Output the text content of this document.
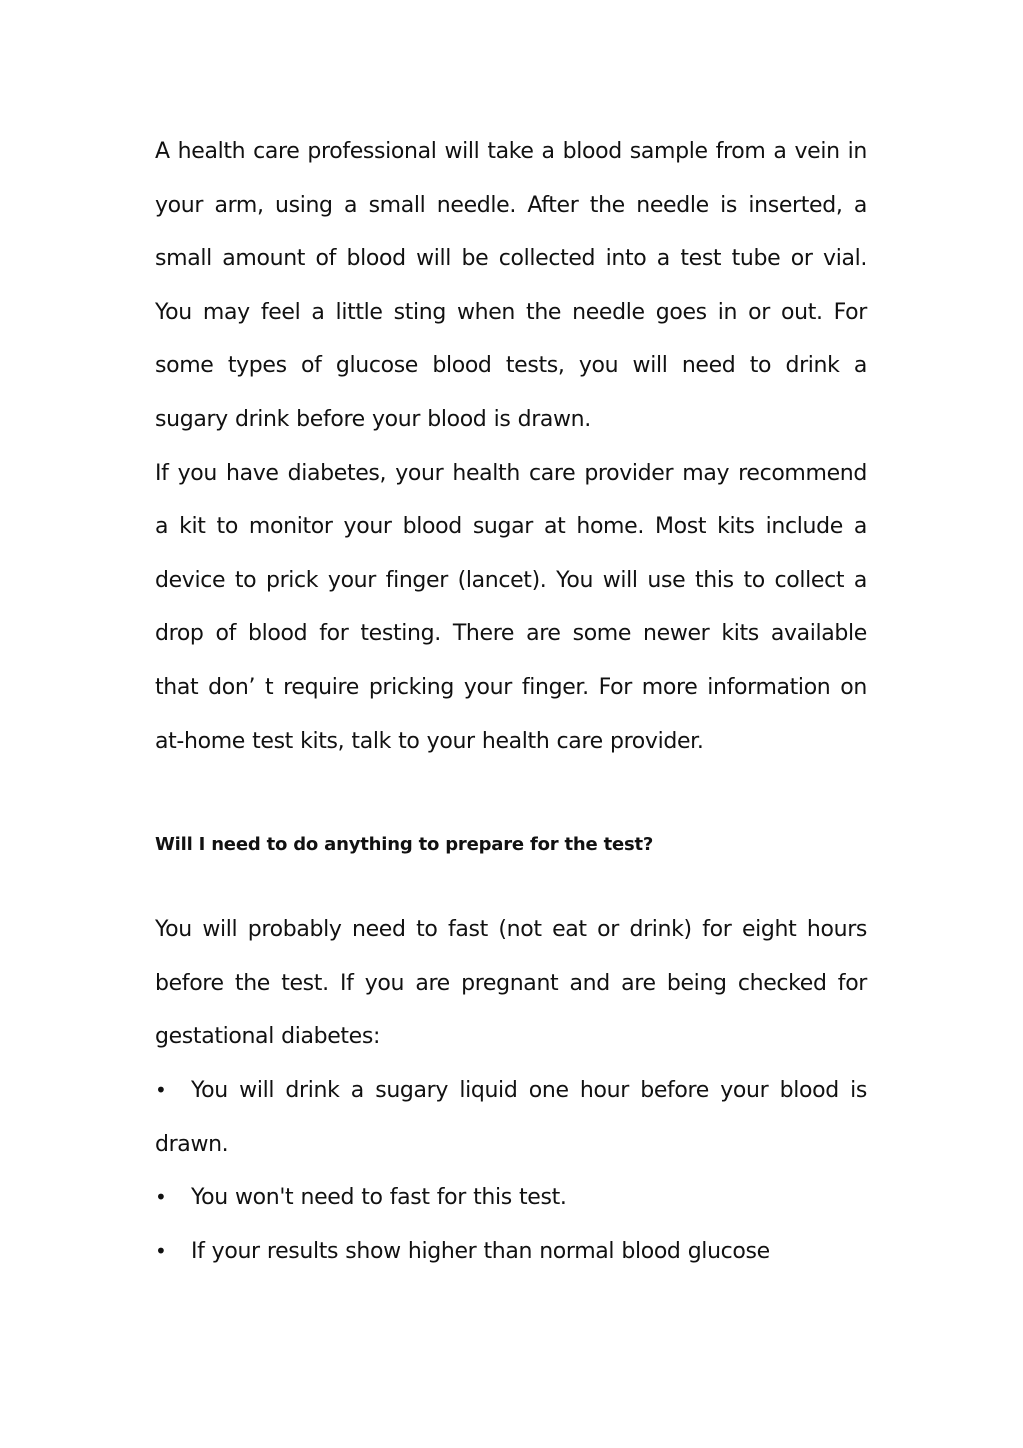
A health care professional will take a blood sample from a vein in your arm, using a small needle. After the needle is inserted, a small amount of blood will be collected into a test tube or vial. You may feel a little sting when the needle goes in or out. For some types of glucose blood tests, you will need to drink a sugary drink before your blood is drawn.

If you have diabetes, your health care provider may recommend a kit to monitor your blood sugar at home. Most kits include a device to prick your finger (lancet). You will use this to collect a drop of blood for testing. There are some newer kits available that don’ t require pricking your finger. For more information on at-home test kits, talk to your health care provider.

Will I need to do anything to prepare for the test?

You will probably need to fast (not eat or drink) for eight hours before the test. If you are pregnant and are being checked for gestational diabetes:

• You will drink a sugary liquid one hour before your blood is drawn.
• You won't need to fast for this test.
• If your results show higher than normal blood glucose
